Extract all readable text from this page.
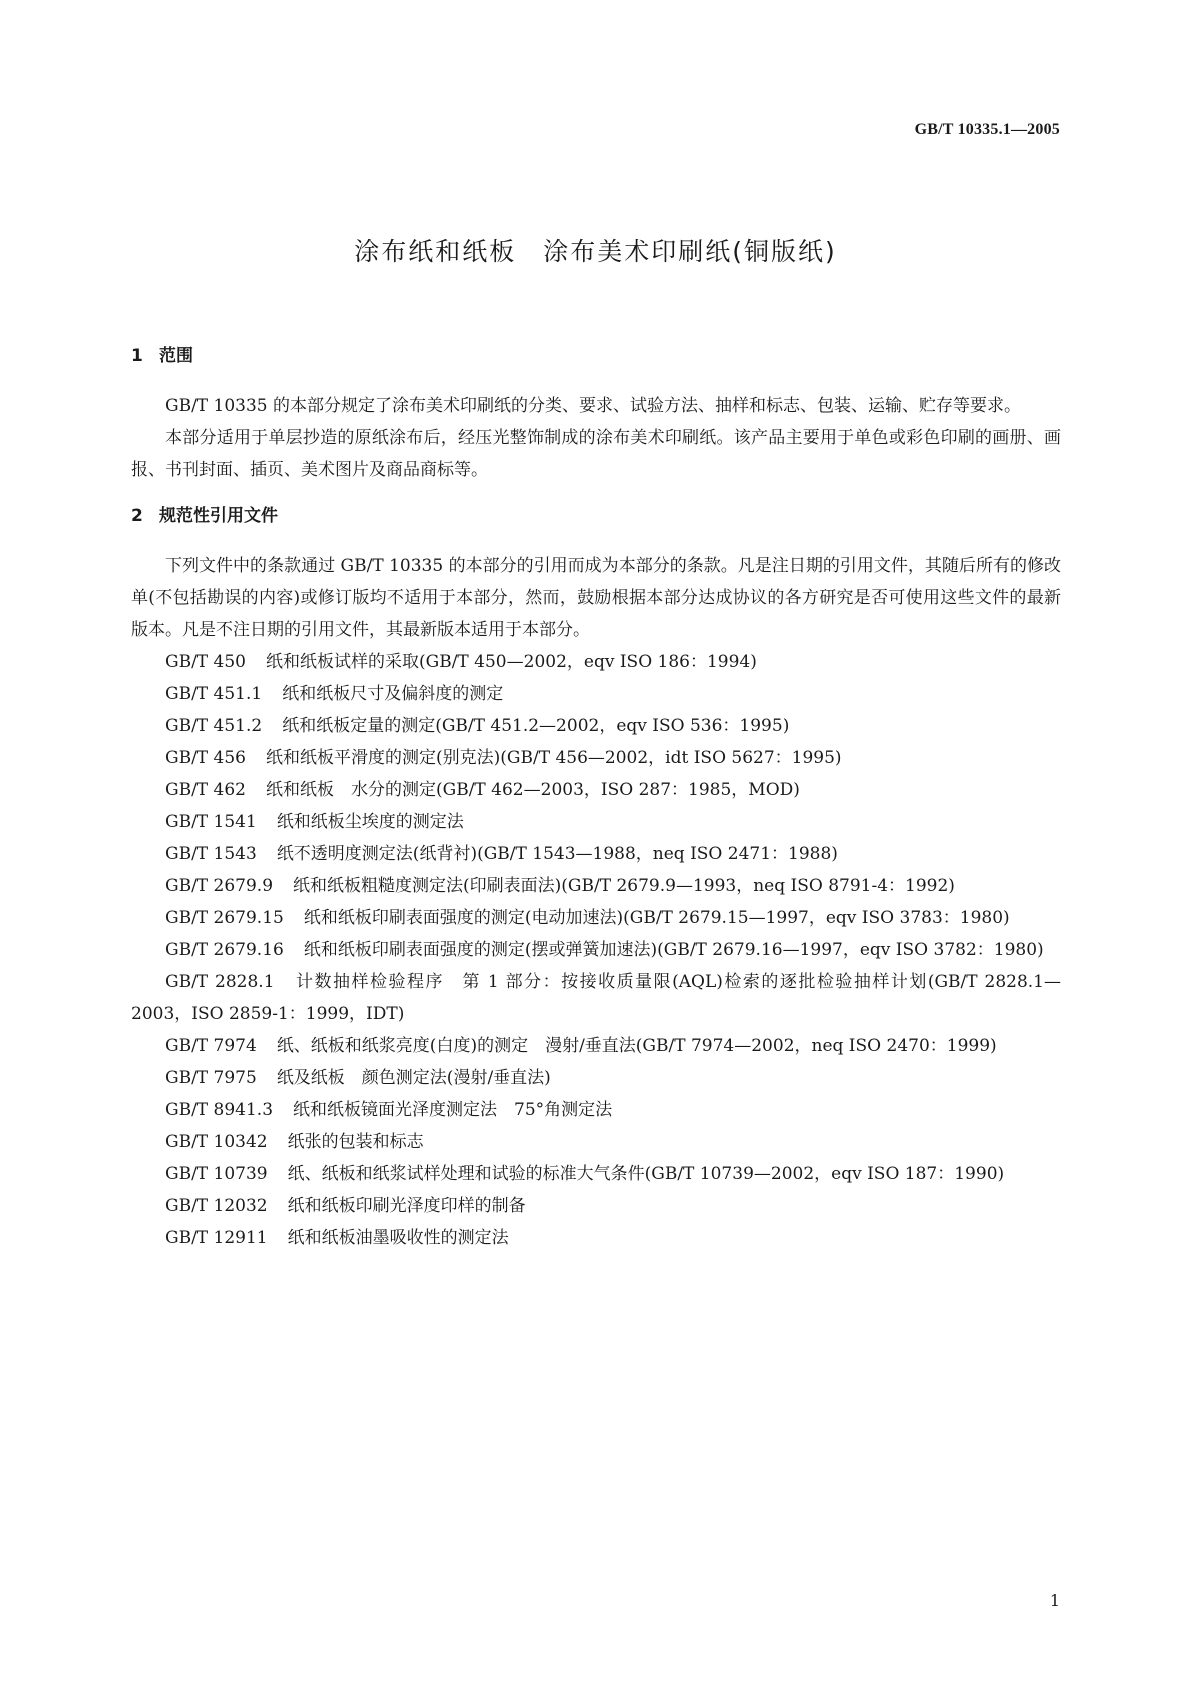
GB/T 10335.1—2005
涂布纸和纸板　涂布美术印刷纸(铜版纸)
1 范围

GB/T 10335 的本部分规定了涂布美术印刷纸的分类、要求、试验方法、抽样和标志、包装、运输、贮存等要求。

本部分适用于单层抄造的原纸涂布后，经压光整饰制成的涂布美术印刷纸。该产品主要用于单色或彩色印刷的画册、画报、书刊封面、插页、美术图片及商品商标等。

2 规范性引用文件

下列文件中的条款通过 GB/T 10335 的本部分的引用而成为本部分的条款。凡是注日期的引用文件，其随后所有的修改单(不包括勘误的内容)或修订版均不适用于本部分，然而，鼓励根据本部分达成协议的各方研究是否可使用这些文件的最新版本。凡是不注日期的引用文件，其最新版本适用于本部分。

GB/T 450 纸和纸板试样的采取(GB/T 450—2002，eqv ISO 186：1994)
GB/T 451.1 纸和纸板尺寸及偏斜度的测定
GB/T 451.2 纸和纸板定量的测定(GB/T 451.2—2002，eqv ISO 536：1995)
GB/T 456 纸和纸板平滑度的测定(别克法)(GB/T 456—2002，idt ISO 5627：1995)
GB/T 462 纸和纸板　水分的测定(GB/T 462—2003，ISO 287：1985，MOD)
GB/T 1541 纸和纸板尘埃度的测定法
GB/T 1543 纸不透明度测定法(纸背衬)(GB/T 1543—1988，neq ISO 2471：1988)
GB/T 2679.9 纸和纸板粗糙度测定法(印刷表面法)(GB/T 2679.9—1993，neq ISO 8791-4：1992)
GB/T 2679.15 纸和纸板印刷表面强度的测定(电动加速法)(GB/T 2679.15—1997，eqv ISO 3783：1980)
GB/T 2679.16 纸和纸板印刷表面强度的测定(摆或弹簧加速法)(GB/T 2679.16—1997，eqv ISO 3782：1980)
GB/T 2828.1 计数抽样检验程序　第 1 部分：按接收质量限(AQL)检索的逐批检验抽样计划(GB/T 2828.1—2003，ISO 2859-1：1999，IDT)
GB/T 7974 纸、纸板和纸浆亮度(白度)的测定　漫射/垂直法(GB/T 7974—2002，neq ISO 2470：1999)
GB/T 7975 纸及纸板　颜色测定法(漫射/垂直法)
GB/T 8941.3 纸和纸板镜面光泽度测定法　75°角测定法
GB/T 10342 纸张的包装和标志
GB/T 10739 纸、纸板和纸浆试样处理和试验的标准大气条件(GB/T 10739—2002，eqv ISO 187：1990)
GB/T 12032 纸和纸板印刷光泽度印样的制备
GB/T 12911 纸和纸板油墨吸收性的测定法
1
